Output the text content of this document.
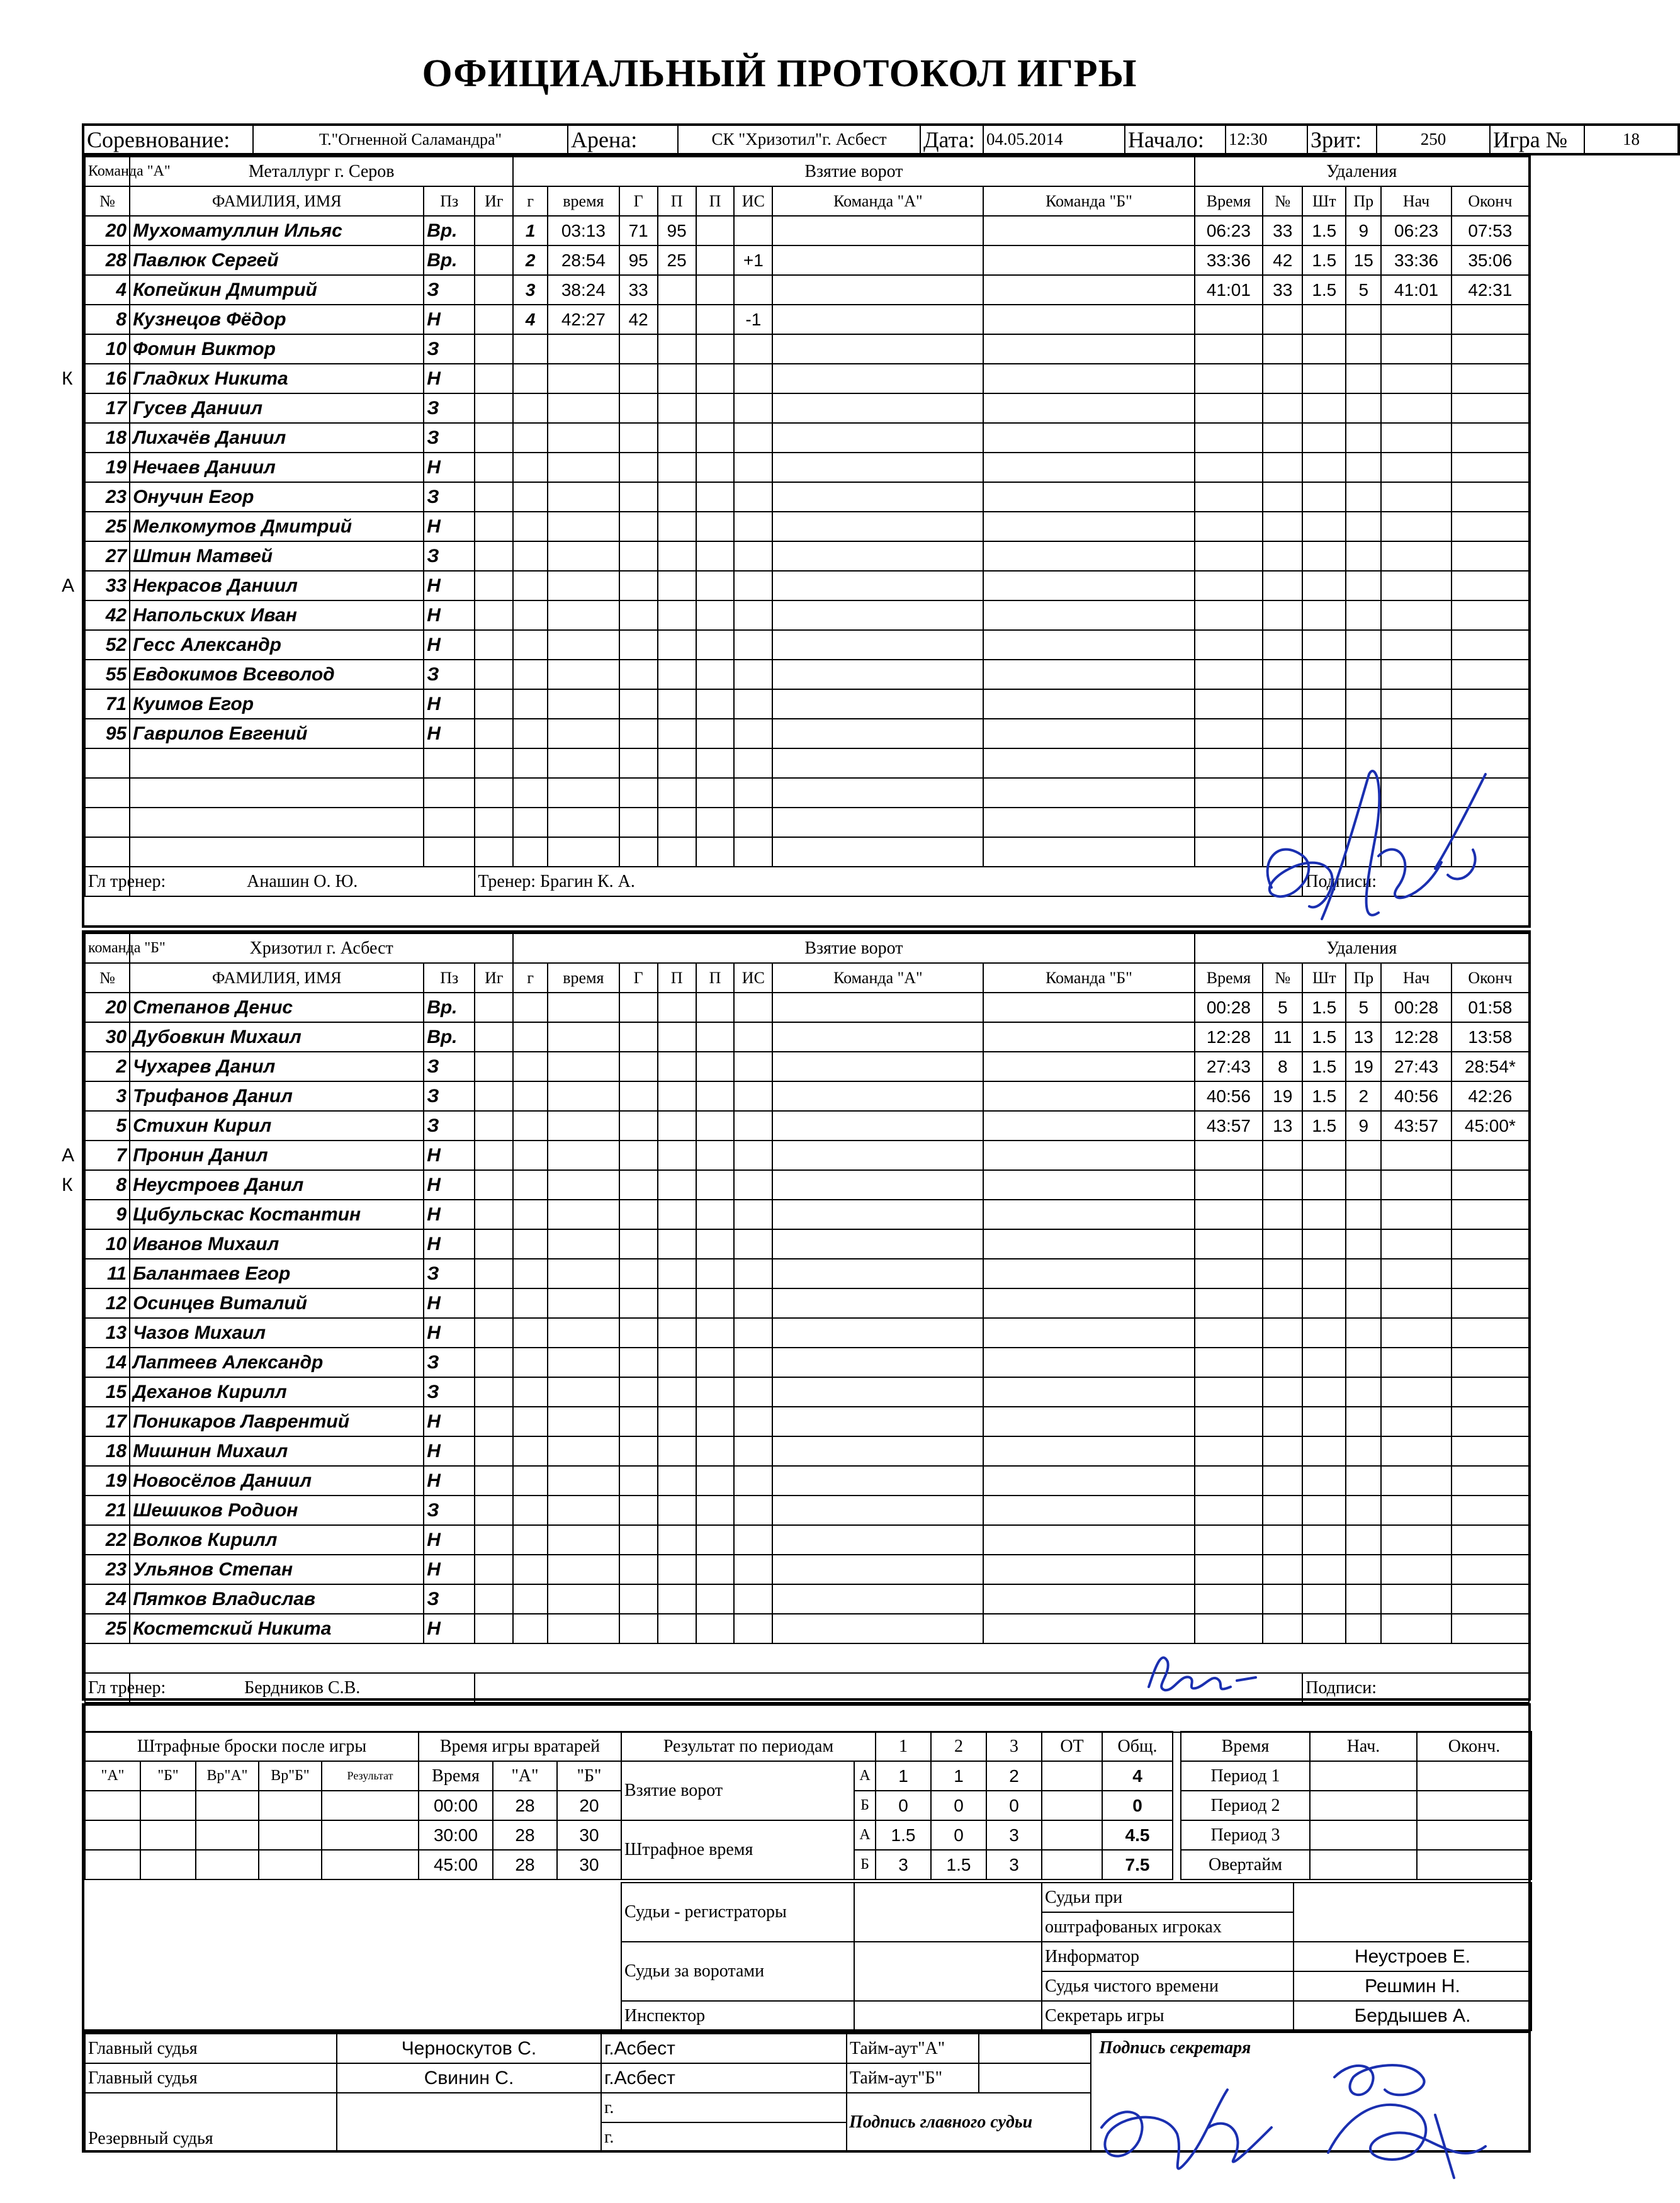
ОФИЦИАЛЬНЫЙ ПРОТОКОЛ ИГРЫ
Соревнование:	Т."Огненной Саламандра"	Арена:	СК "Хризотил"г. Асбест	Дата:	04.05.2014	Начало:	12:30	Зрит:	250	Игра №	18
Команда "А"	Металлург г. Серов			Взятие ворот								Удаления					
№	ФАМИЛИЯ, ИМЯ	Пз	Иг	г	время	Г	П	П	ИС	Команда "А"	Команда "Б"	Время	№	Шт	Пр	Нач	Оконч
20	Мухоматуллин Ильяс	Вр.		1	03:13	71	95					06:23	33	1.5	9	06:23	07:53
28	Павлюк Сергей	Вр.		2	28:54	95	25		+1			33:36	42	1.5	15	33:36	35:06
4	Копейкин Дмитрий	З		3	38:24	33						41:01	33	1.5	5	41:01	42:31
8	Кузнецов Фёдор	Н		4	42:27	42			-1								
10	Фомин Виктор	З															
16	Гладких Никита	Н															
17	Гусев Даниил	З															
18	Лихачёв Даниил	З															
19	Нечаев Даниил	Н															
23	Онучин Егор	З															
25	Мелкомутов Дмитрий	Н															
27	Штин Матвей	З															
33	Некрасов Даниил	Н															
42	Напольских Иван	Н															
52	Гесс Александр	Н															
55	Евдокимов Всеволод	З															
71	Куимов Егор	Н															
95	Гаврилов Евгений	Н															

Гл тренер:	Анашин О. Ю.		Тренер: Брагин К. А.											Подписи:			
команда "Б"	Хризотил г. Асбест			Взятие ворот								Удаления					
№	ФАМИЛИЯ, ИМЯ	Пз	Иг	г	время	Г	П	П	ИС	Команда "А"	Команда "Б"	Время	№	Шт	Пр	Нач	Оконч
20	Степанов Денис	Вр.										00:28	5	1.5	5	00:28	01:58
30	Дубовкин Михаил	Вр.										12:28	11	1.5	13	12:28	13:58
2	Чухарев Данил	З										27:43	8	1.5	19	27:43	28:54*
3	Трифанов Данил	З										40:56	19	1.5	2	40:56	42:26
5	Стихин Кирил	З										43:57	13	1.5	9	43:57	45:00*
7	Пронин Данил	Н															
8	Неустроев Данил	Н															
9	Цибульскас Костантин	Н															
10	Иванов Михаил	Н															
11	Балантаев Егор	З															
12	Осинцев Виталий	Н															
13	Чазов Михаил	Н															
14	Лаптеев Александр	З															
15	Деханов Кирилл	З															
17	Поникаров Лаврентий	Н															
18	Мишнин Михаил	Н															
19	Новосёлов Даниил	Н															
21	Шешиков Родион	З															
22	Волков Кирилл	Н															
23	Ульянов Степан	Н															
24	Пятков Владислав	З															
25	Костетский Никита	Н															

Гл тренер:	Бердников С.В.													Подписи:			

К
А
А
К
Штрафные броски после игры				
"А"	"Б"	Вр"А"	Вр"Б"	Результат

Время игры вратарей		
Время	"А"	"Б"
00:00	28	20
30:00	28	30
45:00	28	30
Результат по периодам		1	2	3	ОТ	Общ.	
Взятие ворот	А	1	1	2		4	
	Б	0	0	0		0	
Штрафное время	А	1.5	0	3		4.5	
	Б	3	1.5	3		7.5	
Время	Нач.	Оконч.
Период 1		
Период 2		
Период 3		
Овертайм		
Судьи - регистраторы		Судьи при	
		оштрафованых игроках	
Судьи за воротами		Информатор	Неустроев Е.
		Судья чистого времени	Решмин Н.
Инспектор		Секретарь игры	Бердышев А.
Главный судья	Черноскутов С.	г.Асбест
Главный судья	Свинин С.	г.Асбест
Резервный судья		г.
		г.
Тайм-аут"А"	
Тайм-аут"Б"	
Подпись главного судьи
Подпись секретаря
